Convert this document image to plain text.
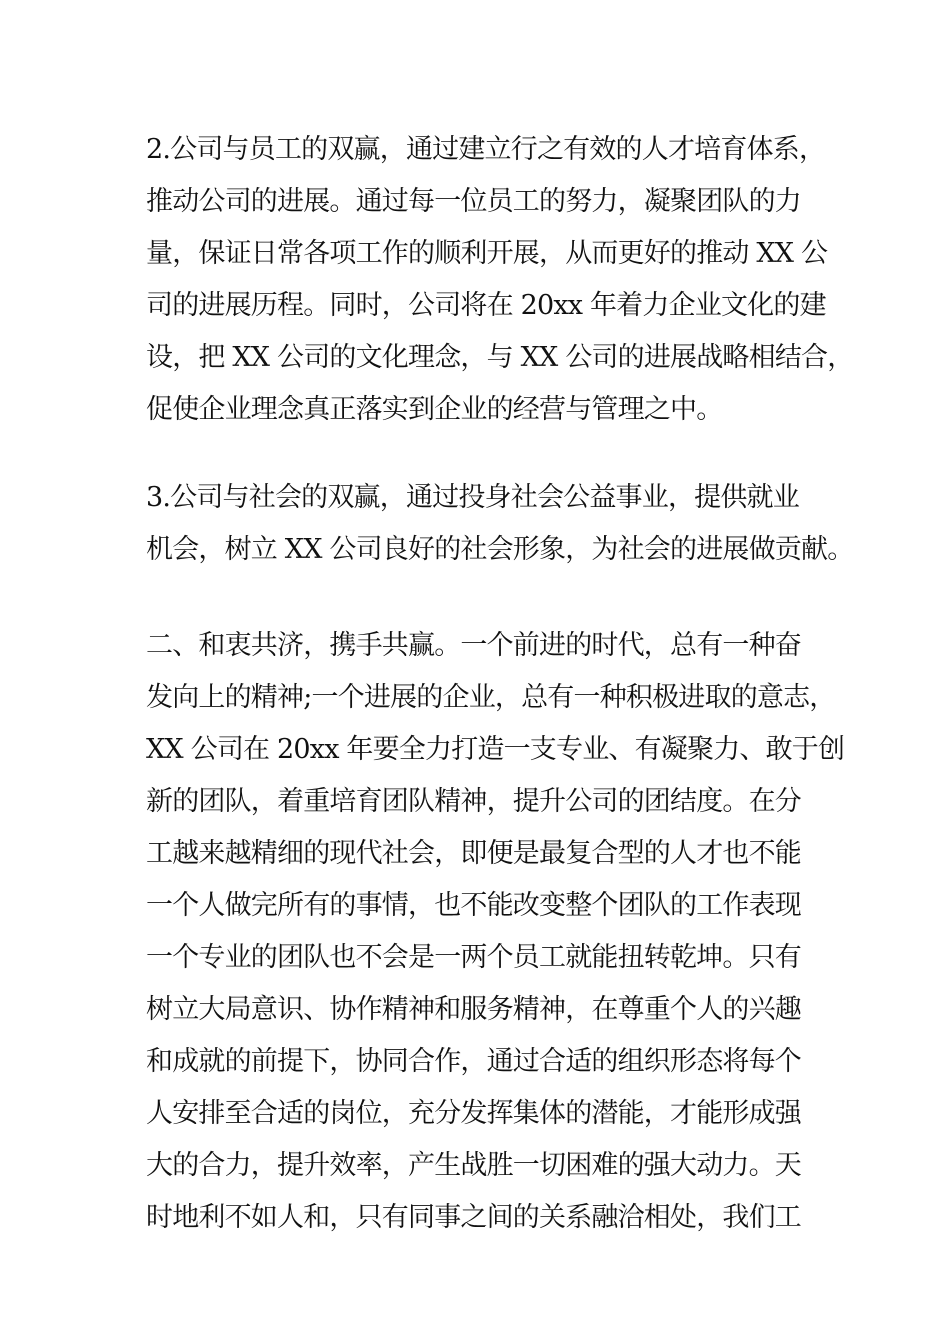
2.公司与员工的双赢，通过建立行之有效的人才培育体系，
推动公司的进展。通过每一位员工的努力，凝聚团队的力
量，保证日常各项工作的顺利开展，从而更好的推动 XX 公
司的进展历程。同时，公司将在 20xx 年着力企业文化的建
设，把 XX 公司的文化理念，与 XX 公司的进展战略相结合，
促使企业理念真正落实到企业的经营与管理之中。

3.公司与社会的双赢，通过投身社会公益事业，提供就业
机会，树立 XX 公司良好的社会形象，为社会的进展做贡献。

二、和衷共济，携手共赢。一个前进的时代，总有一种奋
发向上的精神;一个进展的企业，总有一种积极进取的意志，
XX 公司在 20xx 年要全力打造一支专业、有凝聚力、敢于创
新的团队，着重培育团队精神，提升公司的团结度。在分
工越来越精细的现代社会，即便是最复合型的人才也不能
一个人做完所有的事情，也不能改变整个团队的工作表现
一个专业的团队也不会是一两个员工就能扭转乾坤。只有
树立大局意识、协作精神和服务精神，在尊重个人的兴趣
和成就的前提下，协同合作，通过合适的组织形态将每个
人安排至合适的岗位，充分发挥集体的潜能，才能形成强
大的合力，提升效率，产生战胜一切困难的强大动力。天
时地利不如人和，只有同事之间的关系融洽相处，我们工
